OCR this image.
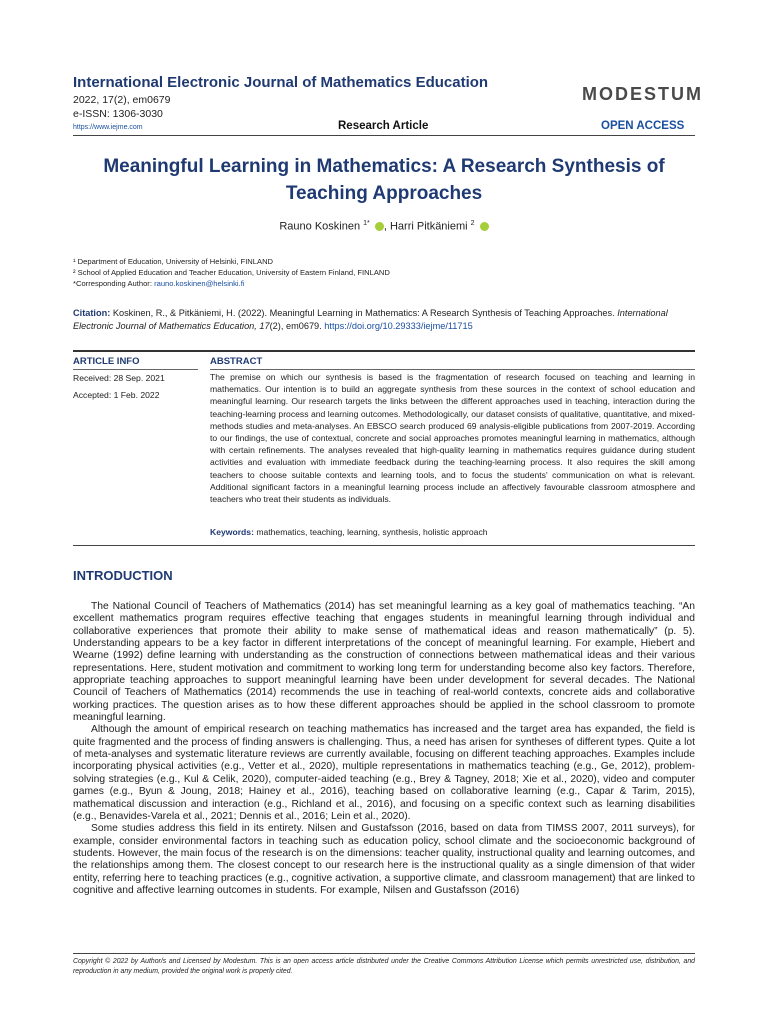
International Electronic Journal of Mathematics Education
2022, 17(2), em0679
e-ISSN: 1306-3030
https://www.iejme.com
MODESTUM
Research Article	OPEN ACCESS
Meaningful Learning in Mathematics: A Research Synthesis of Teaching Approaches
Rauno Koskinen $^{1*}$ , Harri Pitkäniemi $^2$
¹ Department of Education, University of Helsinki, FINLAND
² School of Applied Education and Teacher Education, University of Eastern Finland, FINLAND
*Corresponding Author: rauno.koskinen@helsinki.fi
Citation: Koskinen, R., & Pitkäniemi, H. (2022). Meaningful Learning in Mathematics: A Research Synthesis of Teaching Approaches. International Electronic Journal of Mathematics Education, 17(2), em0679. https://doi.org/10.29333/iejme/11715
ARTICLE INFO	ABSTRACT
Received: 28 Sep. 2021
Accepted: 1 Feb. 2022
The premise on which our synthesis is based is the fragmentation of research focused on teaching and learning in mathematics. Our intention is to build an aggregate synthesis from these sources in the context of school education and meaningful learning. Our research targets the links between the different approaches used in teaching, interaction during the teaching-learning process and learning outcomes. Methodologically, our dataset consists of qualitative, quantitative, and mixed-methods studies and meta-analyses. An EBSCO search produced 69 analysis-eligible publications from 2007-2019. According to our findings, the use of contextual, concrete and social approaches promotes meaningful learning in mathematics, although with certain refinements. The analyses revealed that high-quality learning in mathematics requires guidance during student activities and evaluation with immediate feedback during the teaching-learning process. It also requires the skill among teachers to choose suitable contexts and learning tools, and to focus the students' communication on what is relevant. Additional significant factors in a meaningful learning process include an affectively favourable classroom atmosphere and teachers who treat their students as individuals.
Keywords: mathematics, teaching, learning, synthesis, holistic approach
INTRODUCTION

The National Council of Teachers of Mathematics (2014) has set meaningful learning as a key goal of mathematics teaching. “An excellent mathematics program requires effective teaching that engages students in meaningful learning through individual and collaborative experiences that promote their ability to make sense of mathematical ideas and reason mathematically” (p. 5). Understanding appears to be a key factor in different interpretations of the concept of meaningful learning. For example, Hiebert and Wearne (1992) define learning with understanding as the construction of connections between mathematical ideas and their various representations. Here, student motivation and commitment to working long term for understanding become also key factors. Therefore, appropriate teaching approaches to support meaningful learning have been under development for several decades. The National Council of Teachers of Mathematics (2014) recommends the use in teaching of real-world contexts, concrete aids and collaborative working practices. The question arises as to how these different approaches should be applied in the school classroom to promote meaningful learning.

Although the amount of empirical research on teaching mathematics has increased and the target area has expanded, the field is quite fragmented and the process of finding answers is challenging. Thus, a need has arisen for syntheses of different types. Quite a lot of meta-analyses and systematic literature reviews are currently available, focusing on different teaching approaches. Examples include incorporating physical activities (e.g., Vetter et al., 2020), multiple representations in mathematics teaching (e.g., Ge, 2012), problem-solving strategies (e.g., Kul & Celik, 2020), computer-aided teaching (e.g., Brey & Tagney, 2018; Xie et al., 2020), video and computer games (e.g., Byun & Joung, 2018; Hainey et al., 2016), teaching based on collaborative learning (e.g., Capar & Tarim, 2015), mathematical discussion and interaction (e.g., Richland et al., 2016), and focusing on a specific context such as learning disabilities (e.g., Benavides-Varela et al., 2021; Dennis et al., 2016; Lein et al., 2020).

Some studies address this field in its entirety. Nilsen and Gustafsson (2016, based on data from TIMSS 2007, 2011 surveys), for example, consider environmental factors in teaching such as education policy, school climate and the socioeconomic background of students. However, the main focus of the research is on the dimensions: teacher quality, instructional quality and learning outcomes, and the relationships among them. The closest concept to our research here is the instructional quality as a single dimension of that wider entity, referring here to teaching practices (e.g., cognitive activation, a supportive climate, and classroom management) that are linked to cognitive and affective learning outcomes in students. For example, Nilsen and Gustafsson (2016)

Copyright © 2022 by Author/s and Licensed by Modestum. This is an open access article distributed under the Creative Commons Attribution License which permits unrestricted use, distribution, and reproduction in any medium, provided the original work is properly cited.
